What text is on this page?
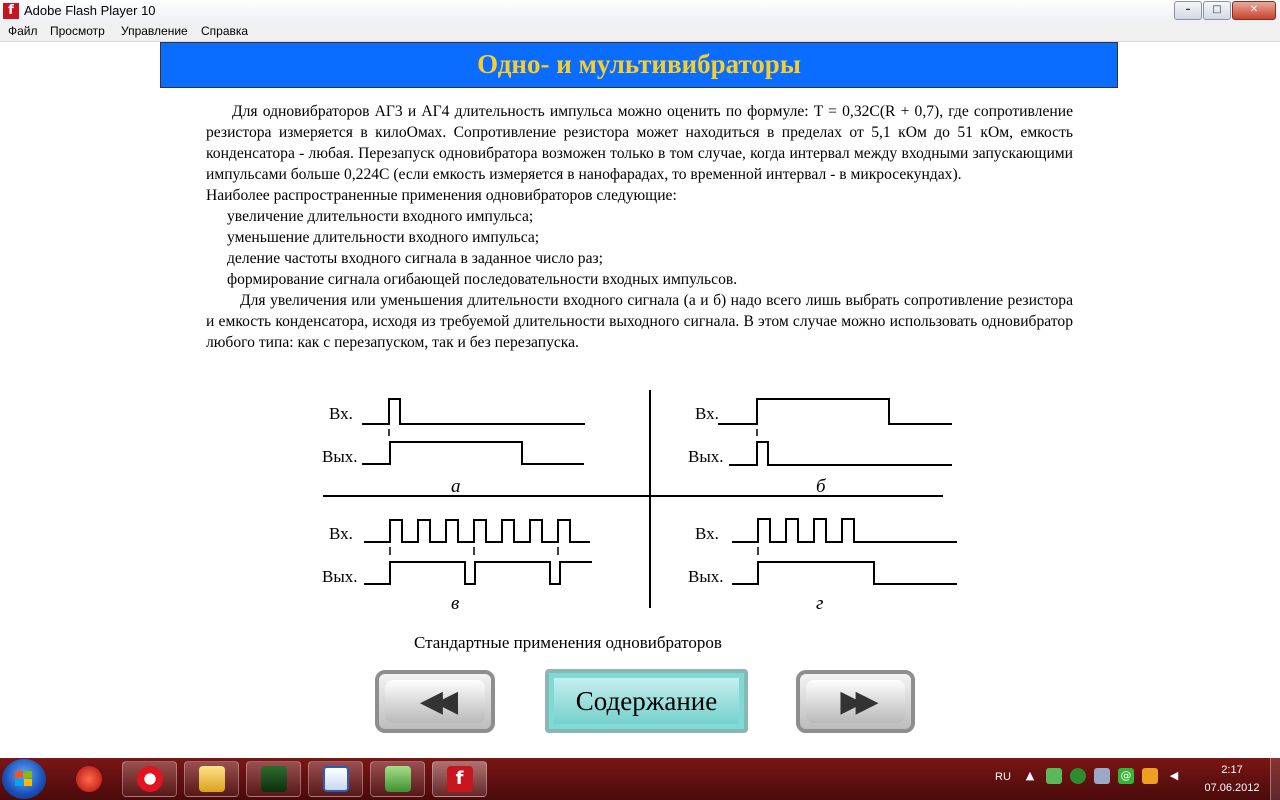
f Adobe Flash Player 10	–	□	✕
Файл Просмотр Управление Справка
Одно- и мультивибраторы

Для одновибраторов АГ3 и АГ4 длительность импульса можно оценить по формуле: T = 0,32C(R + 0,7), где сопротивление резистора измеряется в килоОмах. Сопротивление резистора может находиться в пределах от 5,1 кОм до 51 кОм, емкость конденсатора - любая. Перезапуск одновибратора возможен только в том случае, когда интервал между входными запускающими импульсами больше 0,224С (если емкость измеряется в нанофарадах, то временной интервал - в микросекундах).

Наиболее распространенные применения одновибраторов следующие:

увеличение длительности входного импульса;
уменьшение длительности входного импульса;
деление частоты входного сигнала в заданное число раз;
формирование сигнала огибающей последовательности входных импульсов.

Для увеличения или уменьшения длительности входного сигнала (а и б) надо всего лишь выбрать сопротивление резистора и емкость конденсатора, исходя из требуемой длительности выходного сигнала. В этом случае можно использовать одновибратор любого типа: как с перезапуском, так и без перезапуска.

Вх.
Вых.
Вх.
Вых.
Вх.
Вых.
Вх.
Вых.
а	б
в	г
Стандартные применения одновибраторов
◀◀	Содержание	▶▶
f	RU	▲	@	◀	2:17
07.06.2012
